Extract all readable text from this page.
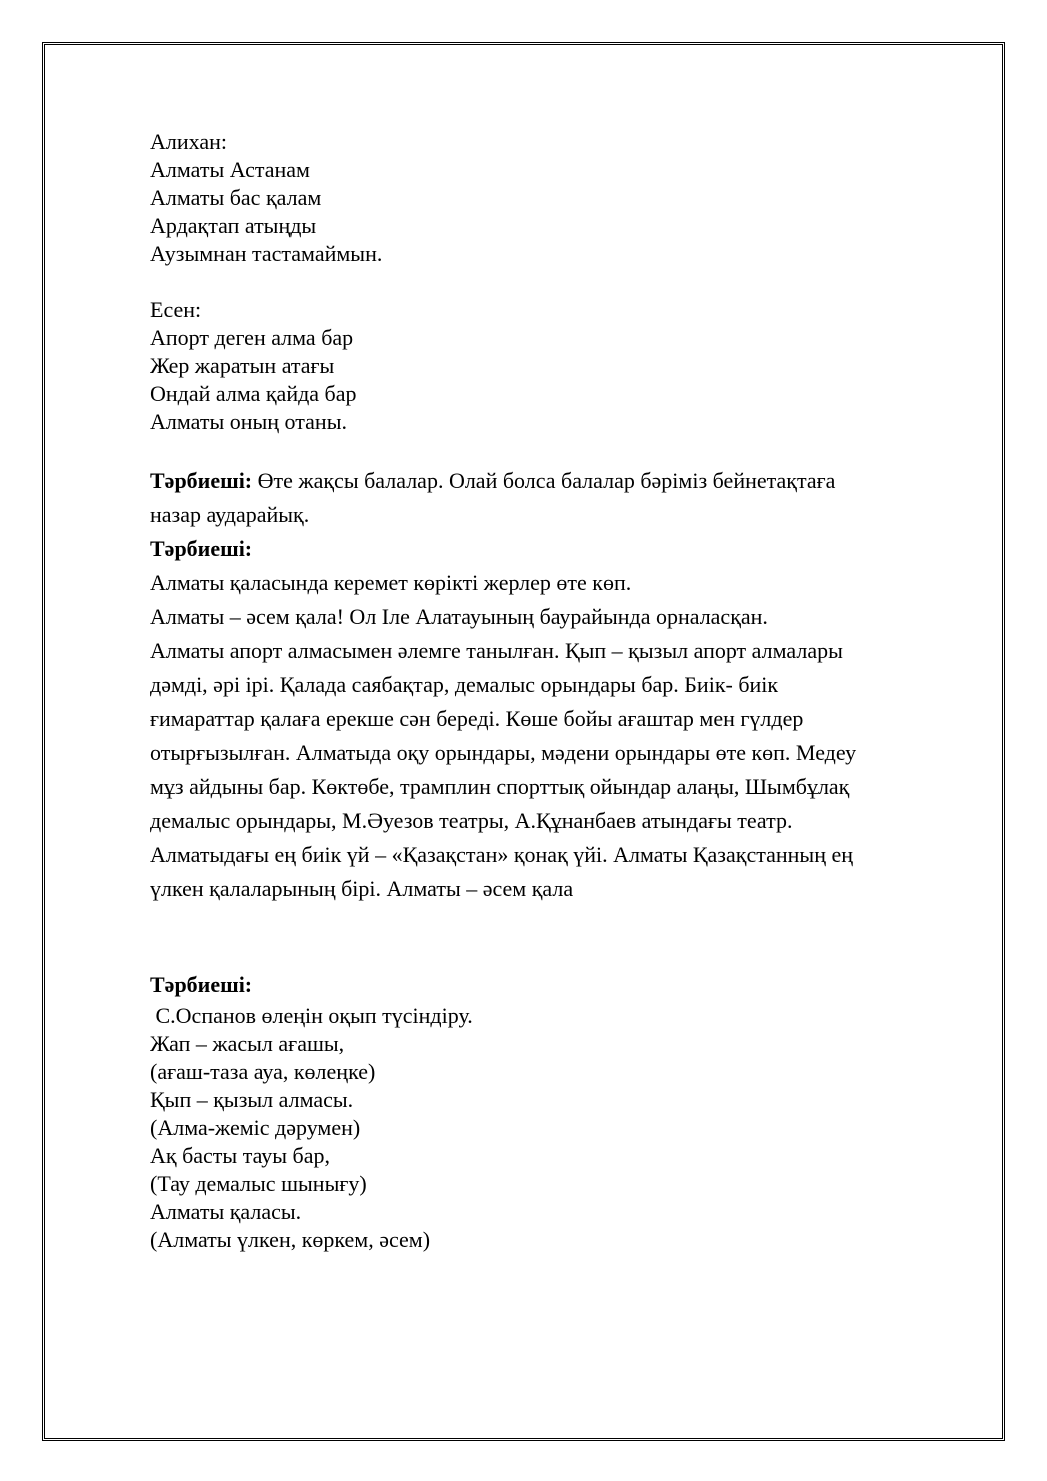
Алихан:
Алматы Астанам
Алматы бас қалам
Ардақтап атыңды
Аузымнан тастамаймын.
Есен:
Апорт деген алма бар
Жер жаратын атағы
Ондай алма қайда бар
Алматы оның отаны.
Тәрбиеші: Өте жақсы балалар. Олай болса балалар бәріміз бейнетақтаға
назар аударайық.
Тәрбиеші:
Алматы қаласында керемет көрікті жерлер өте көп.
Алматы – әсем қала! Ол Іле Алатауының баурайында орналасқан.
Алматы апорт алмасымен әлемге танылған. Қып – қызыл апорт алмалары
дәмді, әрі ірі. Қалада саябақтар, демалыс орындары бар. Биік- биік
ғимараттар қалаға ерекше сән береді. Көше бойы ағаштар мен гүлдер
отырғызылған. Алматыда оқу орындары, мәдени орындары өте көп. Медеу
мұз айдыны бар. Көктөбе, трамплин спорттық ойындар алаңы, Шымбұлақ
демалыс орындары, М.Әуезов театры, А.Құнанбаев атындағы театр.
Алматыдағы ең биік үй – «Қазақстан» қонақ үйі. Алматы Қазақстанның ең
үлкен қалаларының бірі. Алматы – әсем қала
Тәрбиеші:
С.Оспанов өлеңін оқып түсіндіру.
Жап – жасыл ағашы,
(ағаш-таза ауа, көлеңке)
Қып – қызыл алмасы.
(Алма-жеміс дәрумен)
Ақ басты тауы бар,
(Тау демалыс шынығу)
Алматы қаласы.
(Алматы үлкен, көркем, әсем)
